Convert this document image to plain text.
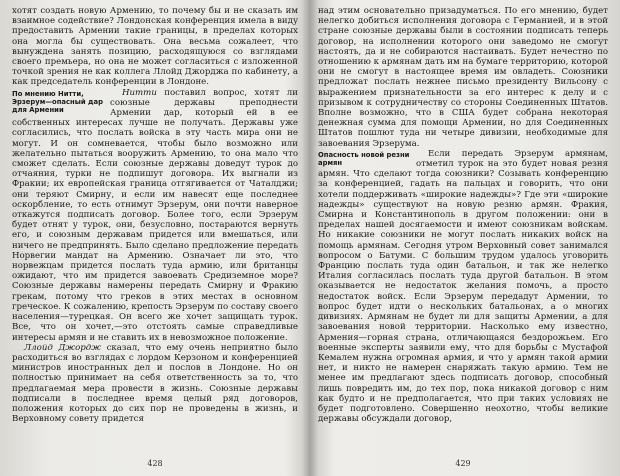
хотят создать новую Армению, то почему бы и не сказать им взаимное содействие? Лондонская конференция имела в виду предоставить Армении такие границы, в пределах которых она могла бы существовать. Она весьма сожалеет, что вынуждена занять позицию, расходящуюся со взглядами своего премьера, но она не может согласиться с изложенной точкой зрения не как коллега Ллойд Джорджа по кабинету, а как председатель конференции в Лондоне.

По мнению Нитти, Эрзерум—опасный дар для Армении

Нитти поставил вопрос, хотят ли союзные державы преподнести Армении дар, который ей в ее собственных интересах лучше не получать. Державы уже согласились, что послать войска в эту часть мира они не могут. И он сомневается, чтобы было возможно или желательно пытаться вооружить Армению, то она мало что сможет сделать. Если союзные державы доведут турок до отчаяния, турки не подпишут договора. Их выгнали из Фракии; их европейская граница отгягивается от Чаталджи; они теряют Смирну, и если им навесят еще последнее оскорбление, то есть отнимут Эрзерум, они почти наверное откажутся подписать договор. Более того, если Эрзерум будет отнят у турок, они, безусловно, постараются вернуть его, и союзным державам придется или вмешаться, или ничего не предпринять. Было сделано предложение передать Норвегии мандат на Армению. Означает ли это, что норвежцам придется послать туда армию, или британцы ожидают, что им придется завоевать Средиземное море? Союзные державы намерены передать Смирну и Фракию грекам, потому что греков в этих местах в основном греческое. К сожалению, крепость Эрзерум по составу своего населения—турецкая. Он всего же хочет защищать турок. Все, что он хочет,—это отстоять самые справедливые интересы армян и не ставить их в невозможное положение.

Ллойд Джордж сказал, что ему очень неприятно было расходиться во взглядах с лордом Керзоном и конференцией министров иностранных дел и послов в Лондоне. Но он полностью принимает на себя ответственность за то, что предлагаемая мера провести в жизнь. Союзные державы подписали в последнее время целый ряд договоров, положения которых до сих пор не проведены в жизнь, и Верховному совету придется

428

над этим основательно призадуматься. По его мнению, будет нелегко добиться исполнения договора с Германией, и в этой стране союзные державы были в состоянии подписать теперь договор, на исполнении которого они заведомо не смогут настоять, да и не собираются настаивать. Будет нечестно по отношению к армянам дать им на бумаге территорию, которой они не смогут в настоящее время им овладеть. Союзники предложат послать нежнее письмо президенту Вильсону с выражением признательности за его интерес к делу и с призывом к сотрудничеству со стороны Соединенных Штатов. Вполне возможно, что в США будет собрана некоторая денежная сумма для помощи Армении, но для Соединенных Штатов пошлют туда ни четыре дивизии, необходимые для завоевания Эрзерума.

Опасность новой резни армян

Если передать Эрзерум армянам, отметил турок на это будет новая резня армян. Что сделают тогда союзники? Созывать конференцию за конференцией, гадать на пальцах и говорить, что они хотели поддерживать «широкие надежды»? Где эти «широкие надежды» существуют на новую резню армян. Фракия, Смирна и Константинополь в другом положении: они в пределах нашей досягаемости и имеют союзникам войскам. Но никакие союзники не могут послать никаких войск на помощь армянам. Сегодня утром Верховный совет занимался вопросом о Батуми. С большим трудом удалось уговорить Францию послать туда один батальон, и так же нелегко Италия согласилась послать туда другой батальон. В этом оказывается не недостаток желания помочь, а просто недостаток войск. Если Эрзерум передадут Армении, то вопрос будет идти о нескольких батальонах, а о многих дивизиях. Армянам не будет ли для защиты Армении, а для завоевания новой территории. Насколько ему известно, Армения—горная страна, отличающаяся бездорожьем. Его военные эксперты заявили ему, что для борьбы с Мустафой Кемалем нужна огромная армия, и что у армян такой армии нет, и никто не намерен снаряжать такую армию. Тем не менее им предлагают здесь подписать договор, способный лишь повредить им, до тех пор, пока никакой договор с ним как будто и не предполагается, что при таких условиях не будет подготовлено. Совершенно неохотно, чтобы великие державы обсуждали договор,

429
